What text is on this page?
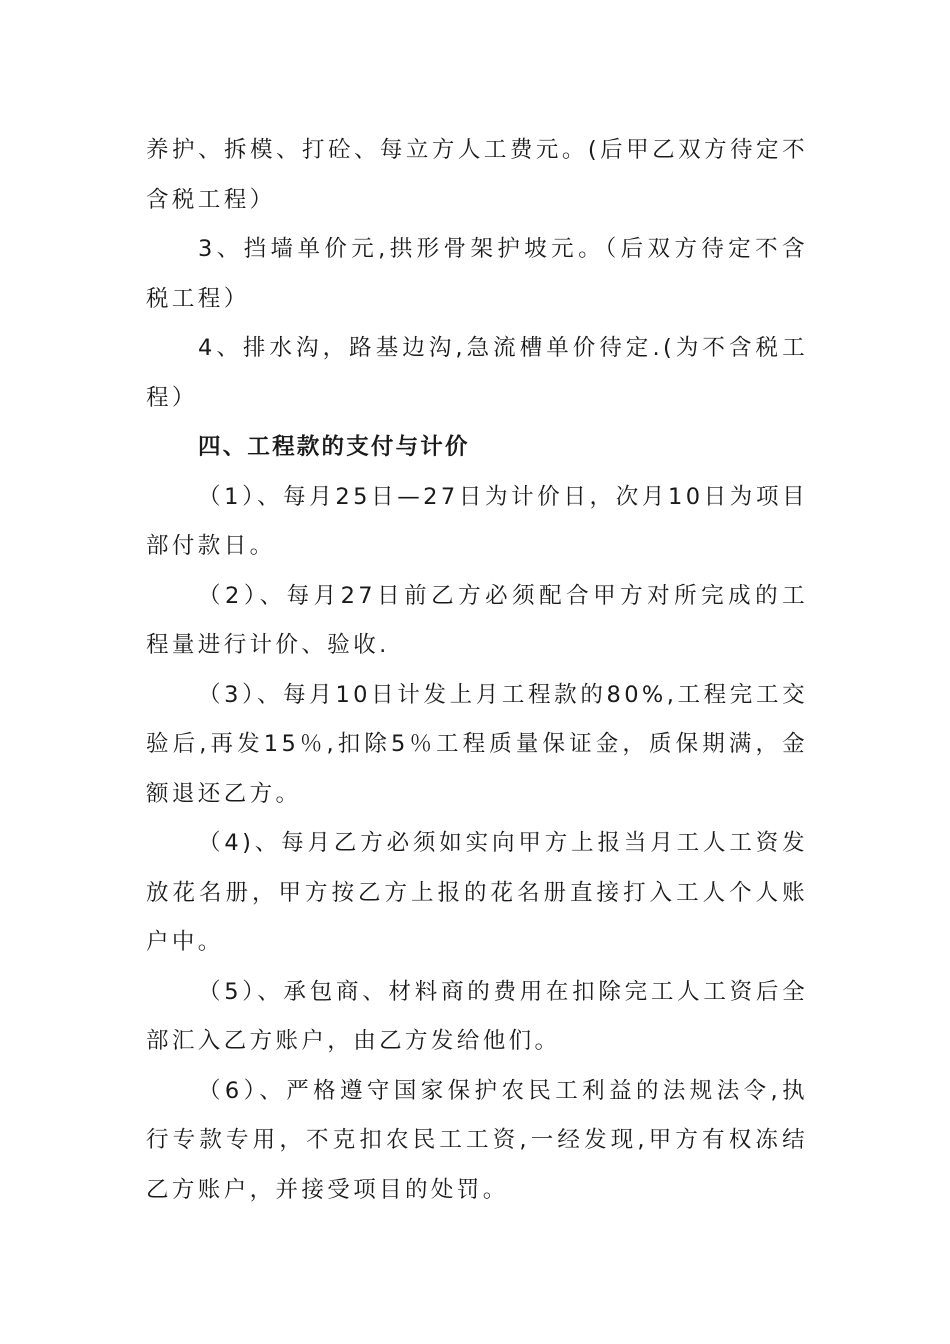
养护、拆模、打砼、每立方人工费元。(后甲乙双方待定不含税工程）

3、挡墙单价元,拱形骨架护坡元。（后双方待定不含税工程）

4、排水沟，路基边沟,急流槽单价待定.(为不含税工程）

四、工程款的支付与计价

（1）、每月25日—27日为计价日，次月10日为项目部付款日。

（2）、每月27日前乙方必须配合甲方对所完成的工程量进行计价、验收.

（3）、每月10日计发上月工程款的80%,工程完工交验后,再发15％,扣除5％工程质量保证金，质保期满，金额退还乙方。

（4)、每月乙方必须如实向甲方上报当月工人工资发放花名册，甲方按乙方上报的花名册直接打入工人个人账户中。

（5）、承包商、材料商的费用在扣除完工人工资后全部汇入乙方账户，由乙方发给他们。

（6）、严格遵守国家保护农民工利益的法规法令,执行专款专用，不克扣农民工工资,一经发现,甲方有权冻结乙方账户，并接受项目的处罚。
